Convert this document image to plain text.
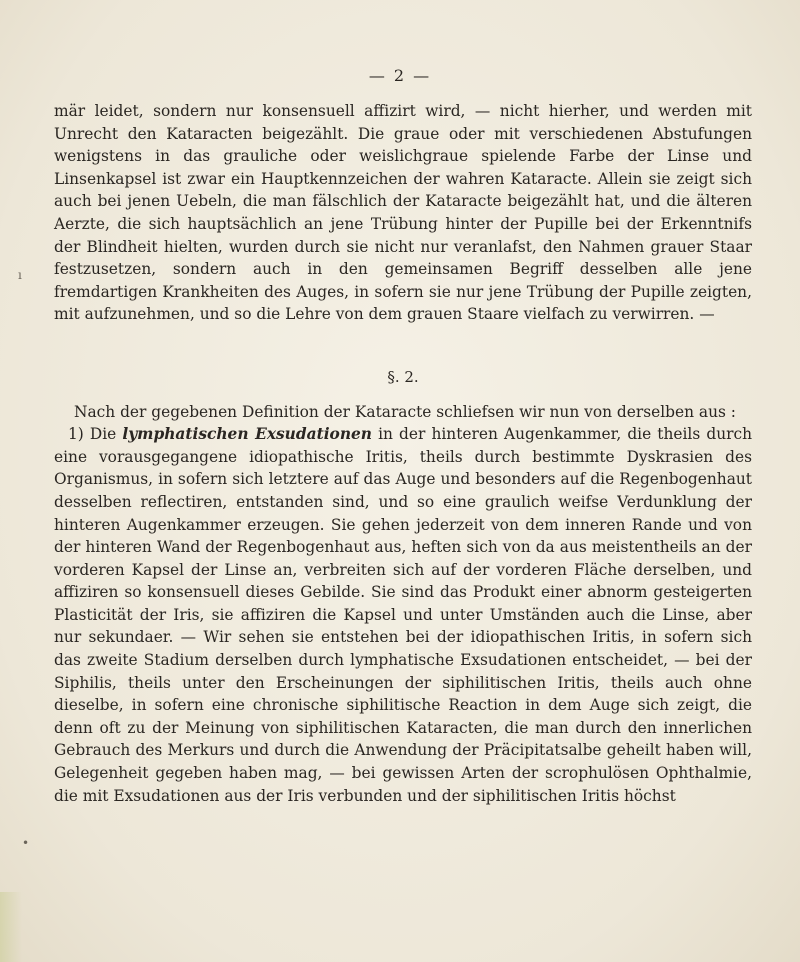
— 2 —

mär leidet, sondern nur konsensuell affizirt wird, — nicht hierher, und werden mit Unrecht den Kataracten beigezählt. Die graue oder mit verschiedenen Abstufungen wenigstens in das grauliche oder weislichgraue spielende Farbe der Linse und Linsenkapsel ist zwar ein Hauptkennzeichen der wahren Kataracte. Allein sie zeigt sich auch bei jenen Uebeln, die man fälschlich der Kataracte beigezählt hat, und die älteren Aerzte, die sich hauptsächlich an jene Trübung hinter der Pupille bei der Erkenntnifs der Blindheit hielten, wurden durch sie nicht nur veranlafst, den Nahmen grauer Staar festzusetzen, sondern auch in den gemeinsamen Begriff desselben alle jene fremdartigen Krankheiten des Auges, in sofern sie nur jene Trübung der Pupille zeigten, mit aufzunehmen, und so die Lehre von dem grauen Staare vielfach zu verwirren. —

§. 2.

Nach der gegebenen Definition der Kataracte schliefsen wir nun von derselben aus :

1) Die lymphatischen Exsudationen in der hinteren Augenkammer, die theils durch eine vorausgegangene idiopathische Iritis, theils durch bestimmte Dyskrasien des Organismus, in sofern sich letztere auf das Auge und besonders auf die Regenbogenhaut desselben reflectiren, entstanden sind, und so eine graulich weifse Verdunklung der hinteren Augenkammer erzeugen. Sie gehen jederzeit von dem inneren Rande und von der hinteren Wand der Regenbogenhaut aus, heften sich von da aus meistentheils an der vorderen Kapsel der Linse an, verbreiten sich auf der vorderen Fläche derselben, und affiziren so konsensuell dieses Gebilde. Sie sind das Produkt einer abnorm gesteigerten Plasticität der Iris, sie affiziren die Kapsel und unter Umständen auch die Linse, aber nur sekundaer. — Wir sehen sie entstehen bei der idiopathischen Iritis, in sofern sich das zweite Stadium derselben durch lymphatische Exsudationen entscheidet, — bei der Siphilis, theils unter den Erscheinungen der siphilitischen Iritis, theils auch ohne dieselbe, in sofern eine chronische siphilitische Reaction in dem Auge sich zeigt, die denn oft zu der Meinung von siphilitischen Kataracten, die man durch den innerlichen Gebrauch des Merkurs und durch die Anwendung der Präcipitatsalbe geheilt haben will, Gelegenheit gegeben haben mag, — bei gewissen Arten der scrophulösen Ophthalmie, die mit Exsudationen aus der Iris verbunden und der siphilitischen Iritis höchst

ı
•
